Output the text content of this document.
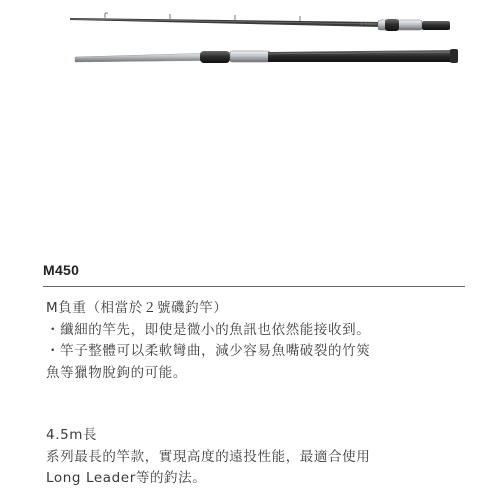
SHIMANO
M450
M負重（相當於２號磯釣竿）
・纖細的竿先，即使是微小的魚訊也依然能接收到。
・竿子整體可以柔軟彎曲，減少容易魚嘴破裂的竹筴
魚等獵物脫鉤的可能。
4.5m長
系列最長的竿款，實現高度的遠投性能，最適合使用
Long Leader等的釣法。
